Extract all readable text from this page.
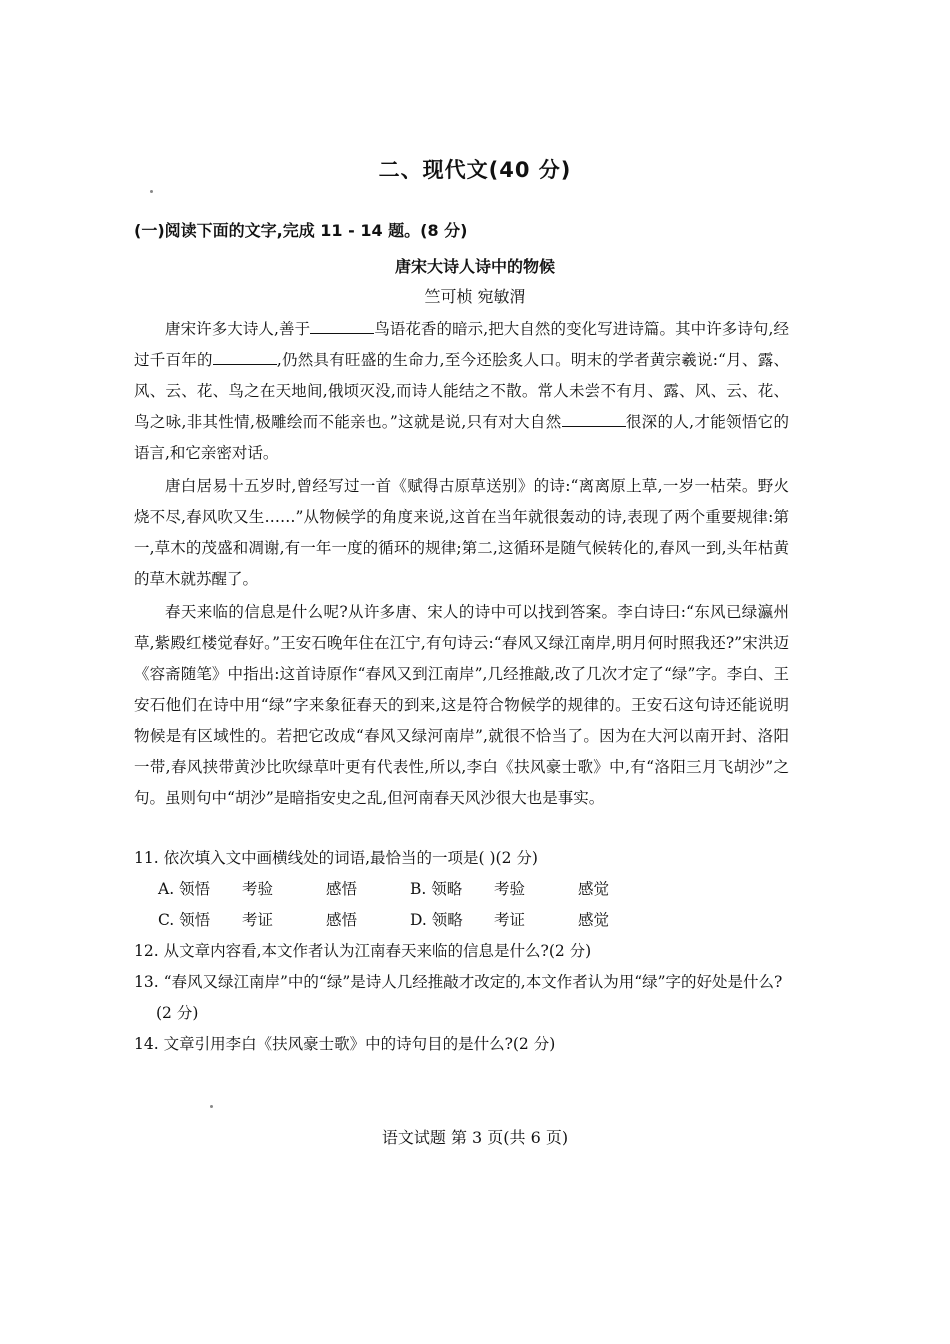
二、现代文(40 分)
(一)阅读下面的文字,完成 11 - 14 题。(8 分)
唐宋大诗人诗中的物候
竺可桢 宛敏渭

唐宋许多大诗人,善于	鸟语花香的暗示,把大自然的变化写进诗篇。其中许多诗句,经过千百年的	,仍然具有旺盛的生命力,至今还脍炙人口。明末的学者黄宗羲说:“月、露、风、云、花、鸟之在天地间,俄顷灭没,而诗人能结之不散。常人未尝不有月、露、风、云、花、鸟之咏,非其性情,极雕绘而不能亲也。”这就是说,只有对大自然	很深的人,才能领悟它的语言,和它亲密对话。

唐白居易十五岁时,曾经写过一首《赋得古原草送别》的诗:“离离原上草,一岁一枯荣。野火烧不尽,春风吹又生……”从物候学的角度来说,这首在当年就很轰动的诗,表现了两个重要规律:第一,草木的茂盛和凋谢,有一年一度的循环的规律;第二,这循环是随气候转化的,春风一到,头年枯黄的草木就苏醒了。

春天来临的信息是什么呢?从许多唐、宋人的诗中可以找到答案。李白诗曰:“东风已绿瀛州草,紫殿红楼觉春好。”王安石晚年住在江宁,有句诗云:“春风又绿江南岸,明月何时照我还?”宋洪迈《容斋随笔》中指出:这首诗原作“春风又到江南岸”,几经推敲,改了几次才定了“绿”字。李白、王安石他们在诗中用“绿”字来象征春天的到来,这是符合物候学的规律的。王安石这句诗还能说明物候是有区域性的。若把它改成“春风又绿河南岸”,就很不恰当了。因为在大河以南开封、洛阳一带,春风挟带黄沙比吹绿草叶更有代表性,所以,李白《扶风豪士歌》中,有“洛阳三月飞胡沙”之句。虽则句中“胡沙”是暗指安史之乱,但河南春天风沙很大也是事实。

11. 依次填入文中画横线处的词语,最恰当的一项是( )(2 分)

A. 领悟	考验	感悟	B. 领略	考验	感觉
C. 领悟	考证	感悟	D. 领略	考证	感觉

12. 从文章内容看,本文作者认为江南春天来临的信息是什么?(2 分)

13. “春风又绿江南岸”中的“绿”是诗人几经推敲才改定的,本文作者认为用“绿”字的好处是什么?(2 分)

14. 文章引用李白《扶风豪士歌》中的诗句目的是什么?(2 分)

语文试题 第 3 页(共 6 页)
